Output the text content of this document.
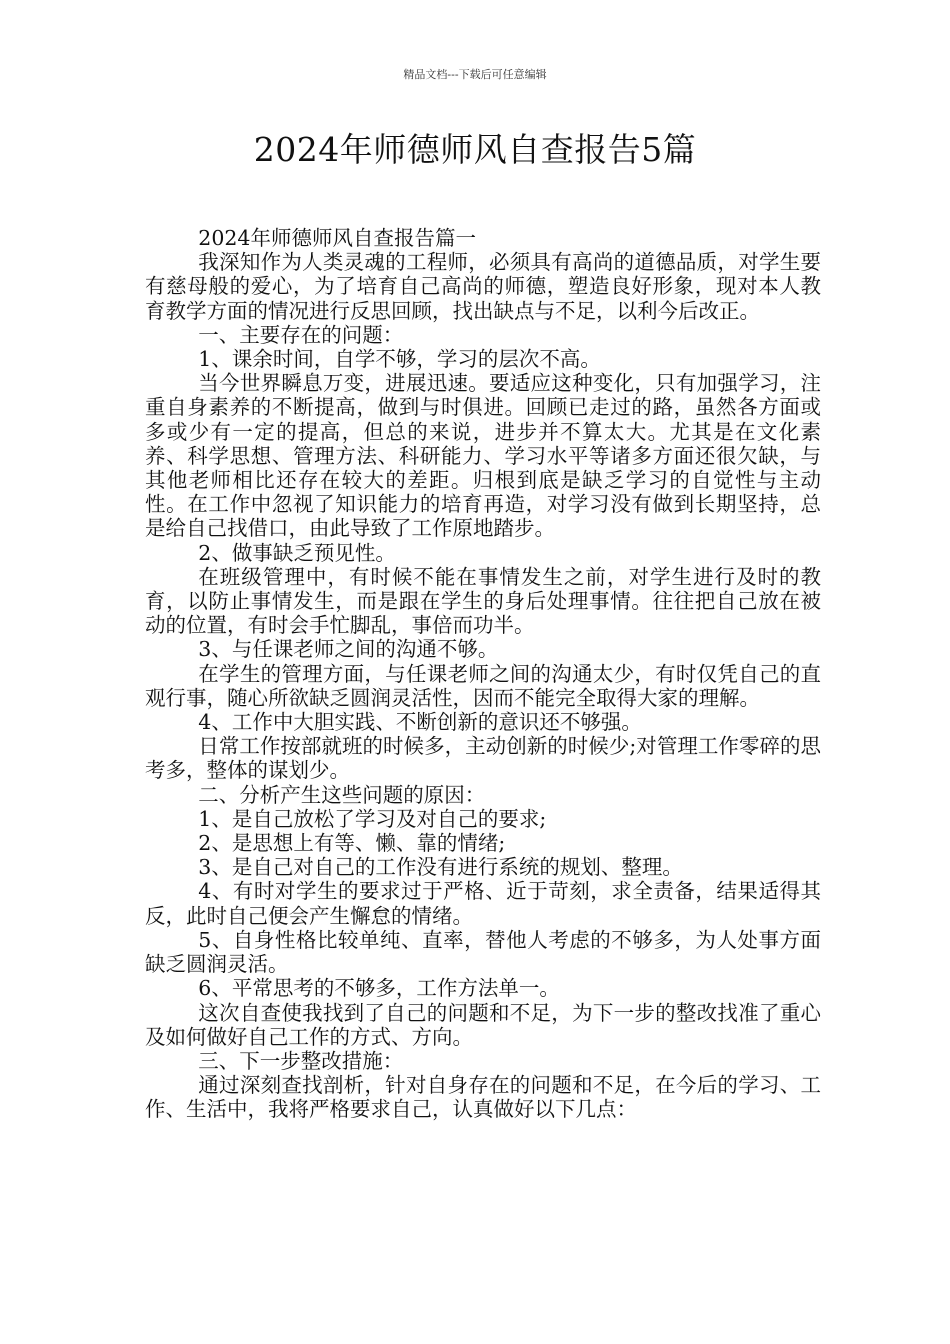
精品文档---下载后可任意编辑
2024年师德师风自查报告5篇

2024年师德师风自查报告篇一

我深知作为人类灵魂的工程师，必须具有高尚的道德品质，对学生要有慈母般的爱心，为了培育自己高尚的师德，塑造良好形象，现对本人教育教学方面的情况进行反思回顾，找出缺点与不足，以利今后改正。

一、主要存在的问题：

1、课余时间，自学不够，学习的层次不高。

当今世界瞬息万变，进展迅速。要适应这种变化，只有加强学习，注重自身素养的不断提高，做到与时俱进。回顾已走过的路，虽然各方面或多或少有一定的提高，但总的来说，进步并不算太大。尤其是在文化素养、科学思想、管理方法、科研能力、学习水平等诸多方面还很欠缺，与其他老师相比还存在较大的差距。归根到底是缺乏学习的自觉性与主动性。在工作中忽视了知识能力的培育再造，对学习没有做到长期坚持，总是给自己找借口，由此导致了工作原地踏步。

2、做事缺乏预见性。

在班级管理中，有时候不能在事情发生之前，对学生进行及时的教育，以防止事情发生，而是跟在学生的身后处理事情。往往把自己放在被动的位置，有时会手忙脚乱，事倍而功半。

3、与任课老师之间的沟通不够。

在学生的管理方面，与任课老师之间的沟通太少，有时仅凭自己的直观行事，随心所欲缺乏圆润灵活性，因而不能完全取得大家的理解。

4、工作中大胆实践、不断创新的意识还不够强。

日常工作按部就班的时候多，主动创新的时候少;对管理工作零碎的思考多，整体的谋划少。

二、分析产生这些问题的原因：

1、是自己放松了学习及对自己的要求;

2、是思想上有等、懒、靠的情绪;

3、是自己对自己的工作没有进行系统的规划、整理。

4、有时对学生的要求过于严格、近于苛刻，求全责备，结果适得其反，此时自己便会产生懈怠的情绪。

5、自身性格比较单纯、直率，替他人考虑的不够多，为人处事方面缺乏圆润灵活。

6、平常思考的不够多，工作方法单一。

这次自查使我找到了自己的问题和不足，为下一步的整改找准了重心及如何做好自己工作的方式、方向。

三、下一步整改措施：

通过深刻查找剖析，针对自身存在的问题和不足，在今后的学习、工作、生活中，我将严格要求自己，认真做好以下几点：
